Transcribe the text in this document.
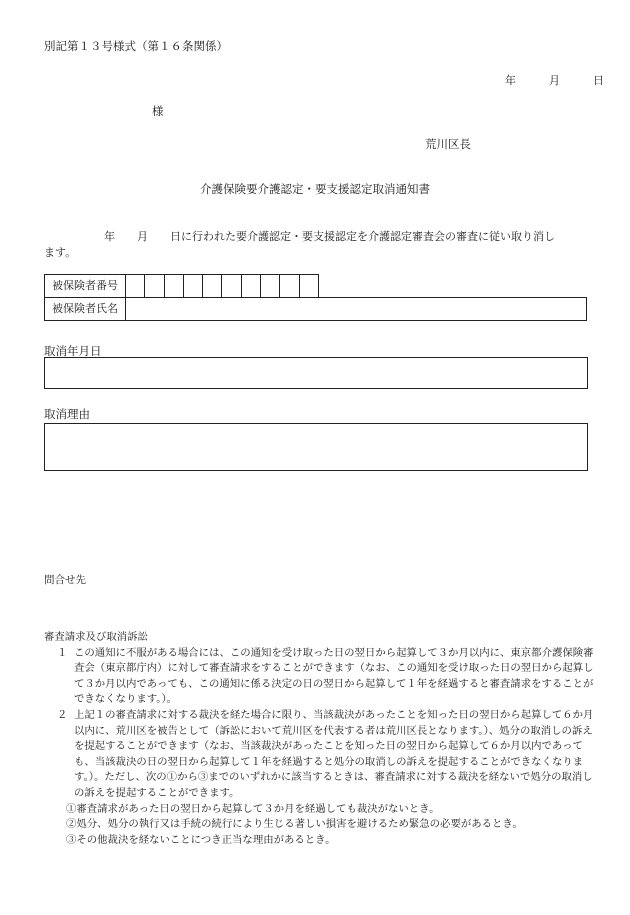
別記第１３号様式（第１６条関係）
年	月	日
様
荒川区長
介護保険要介護認定・要支援認定取消通知書
年　　月　　日に行われた要介護認定・要支援認定を介護認定審査会の審査に従い取り消し
ます。
被保険者番号
被保険者氏名
取消年月日
取消理由
問合せ先
審査請求及び取消訴訟
１ この通知に不服がある場合には、この通知を受け取った日の翌日から起算して３か月以内に、東京都介護保険審査会（東京都庁内）に対して審査請求をすることができます（なお、この通知を受け取った日の翌日から起算して３か月以内であっても、この通知に係る決定の日の翌日から起算して１年を経過すると審査請求をすることができなくなります。）。
２ 上記１の審査請求に対する裁決を経た場合に限り、当該裁決があったことを知った日の翌日から起算して６か月以内に、荒川区を被告として（訴訟において荒川区を代表する者は荒川区長となります。）、処分の取消しの訴えを提起することができます（なお、当該裁決があったことを知った日の翌日から起算して６か月以内であっても、当該裁決の日の翌日から起算して１年を経過すると処分の取消しの訴えを提起することができなくなります。）。ただし、次の①から③までのいずれかに該当するときは、審査請求に対する裁決を経ないで処分の取消しの訴えを提起することができます。
①審査請求があった日の翌日から起算して３か月を経過しても裁決がないとき。
②処分、処分の執行又は手続の続行により生じる著しい損害を避けるため緊急の必要があるとき。
③その他裁決を経ないことにつき正当な理由があるとき。
